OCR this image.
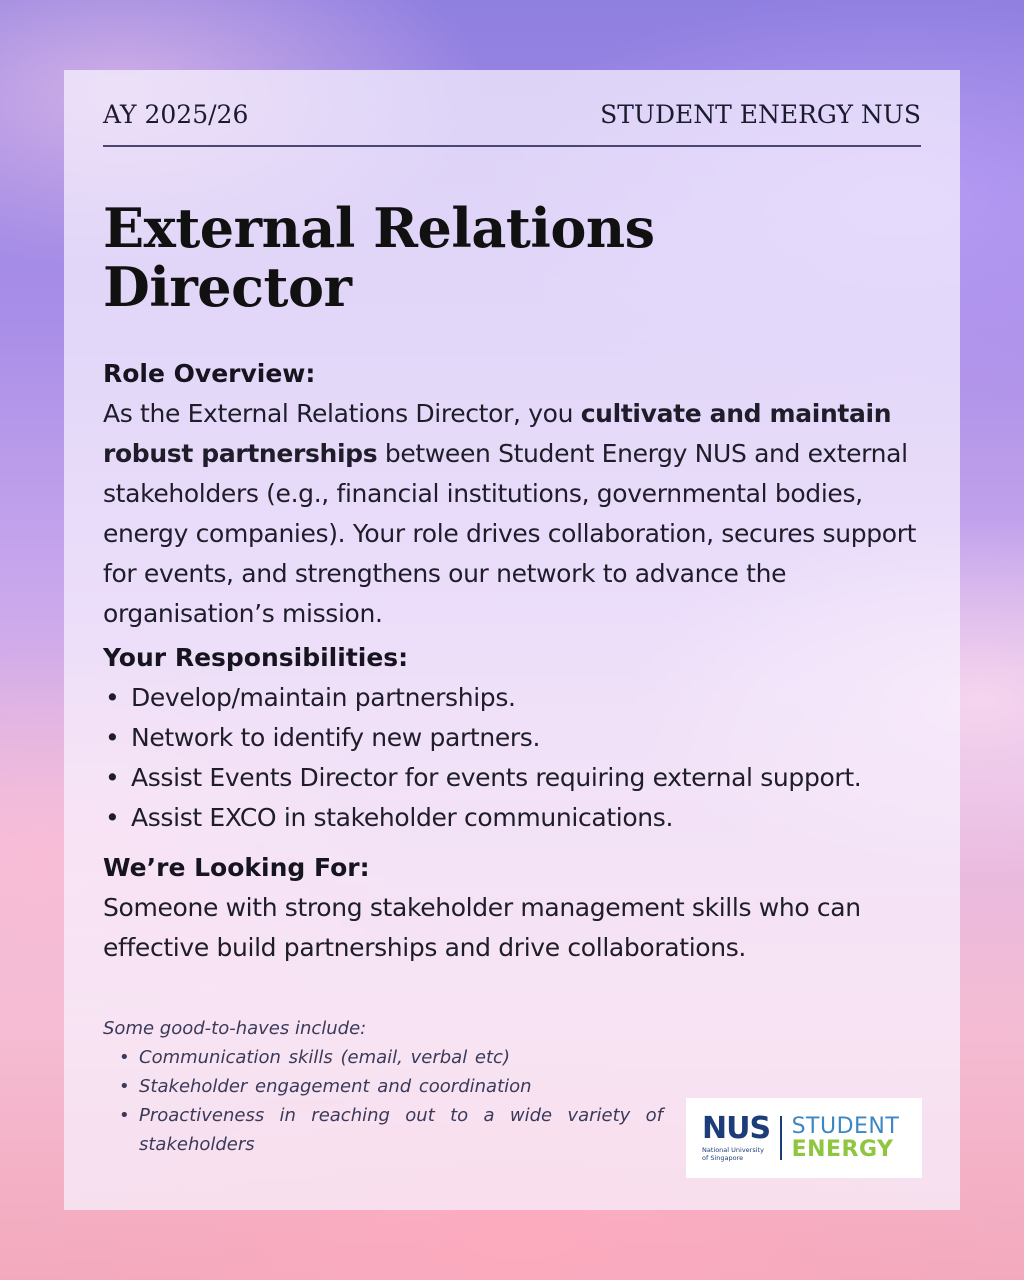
AY 2025/26	STUDENT ENERGY NUS
External Relations Director
Role Overview:
As the External Relations Director, you cultivate and maintain robust partnerships between Student Energy NUS and external stakeholders (e.g., financial institutions, governmental bodies, energy companies). Your role drives collaboration, secures support for events, and strengthens our network to advance the organisation’s mission.
Your Responsibilities:
• Develop/maintain partnerships.
• Network to identify new partners.
• Assist Events Director for events requiring external support.
• Assist EXCO in stakeholder communications.
We’re Looking For:
Someone with strong stakeholder management skills who can effective build partnerships and drive collaborations.
Some good-to-haves include:
• Communication skills (email, verbal etc)
• Stakeholder engagement and coordination
• Proactiveness in reaching out to a wide variety of stakeholders	NUS
National University
of Singapore
STUDENT
ENERGY
